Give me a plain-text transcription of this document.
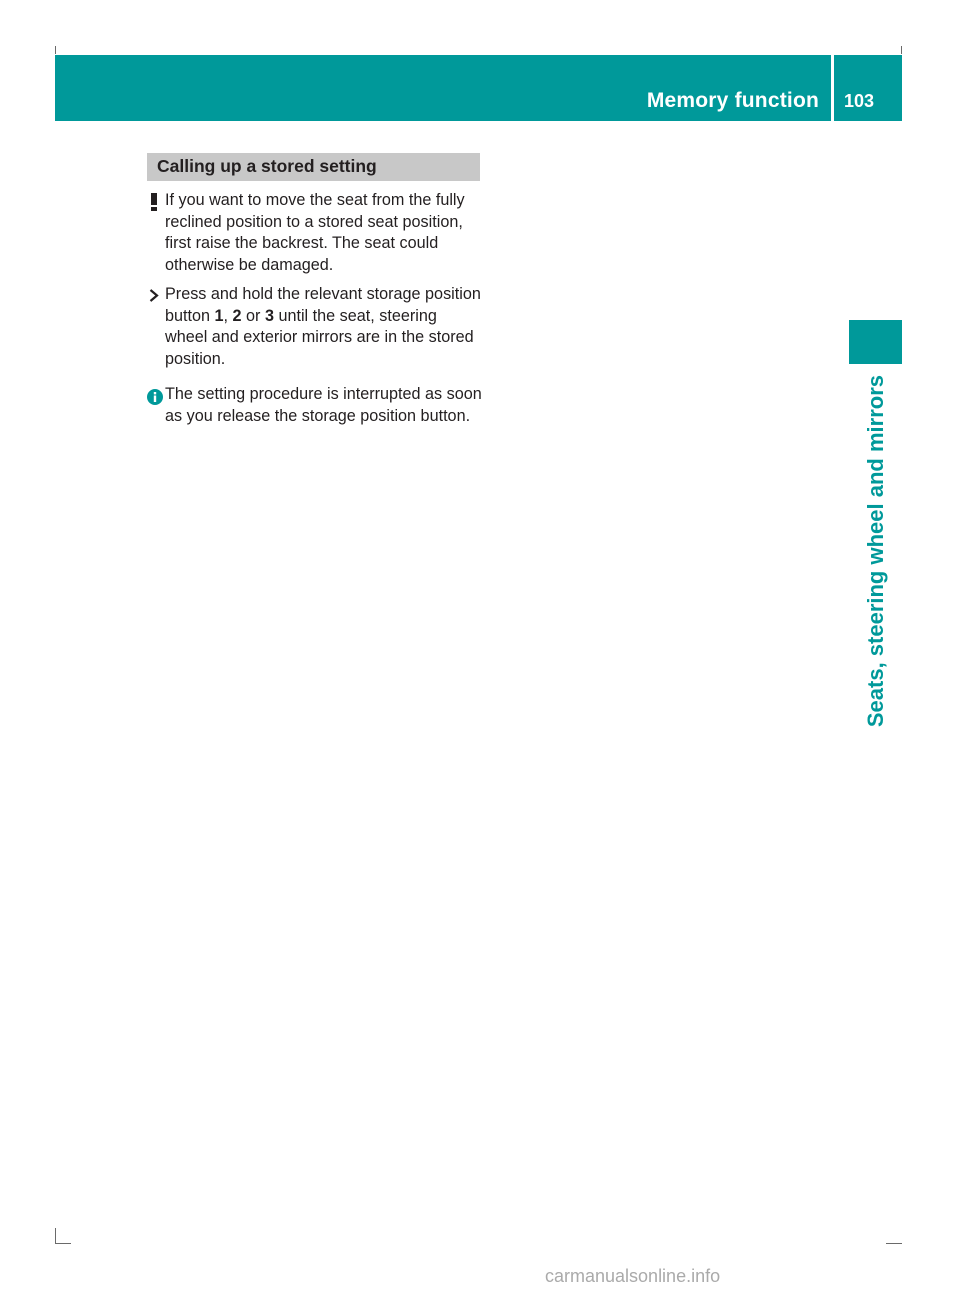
Memory function 103
Seats, steering wheel and mirrors
Calling up a stored setting
If you want to move the seat from the fully reclined position to a stored seat position, first raise the backrest. The seat could otherwise be damaged.
Press and hold the relevant storage position button 1, 2 or 3 until the seat, steering wheel and exterior mirrors are in the stored position.
The setting procedure is interrupted as soon as you release the storage position button.
carmanualsonline.info
